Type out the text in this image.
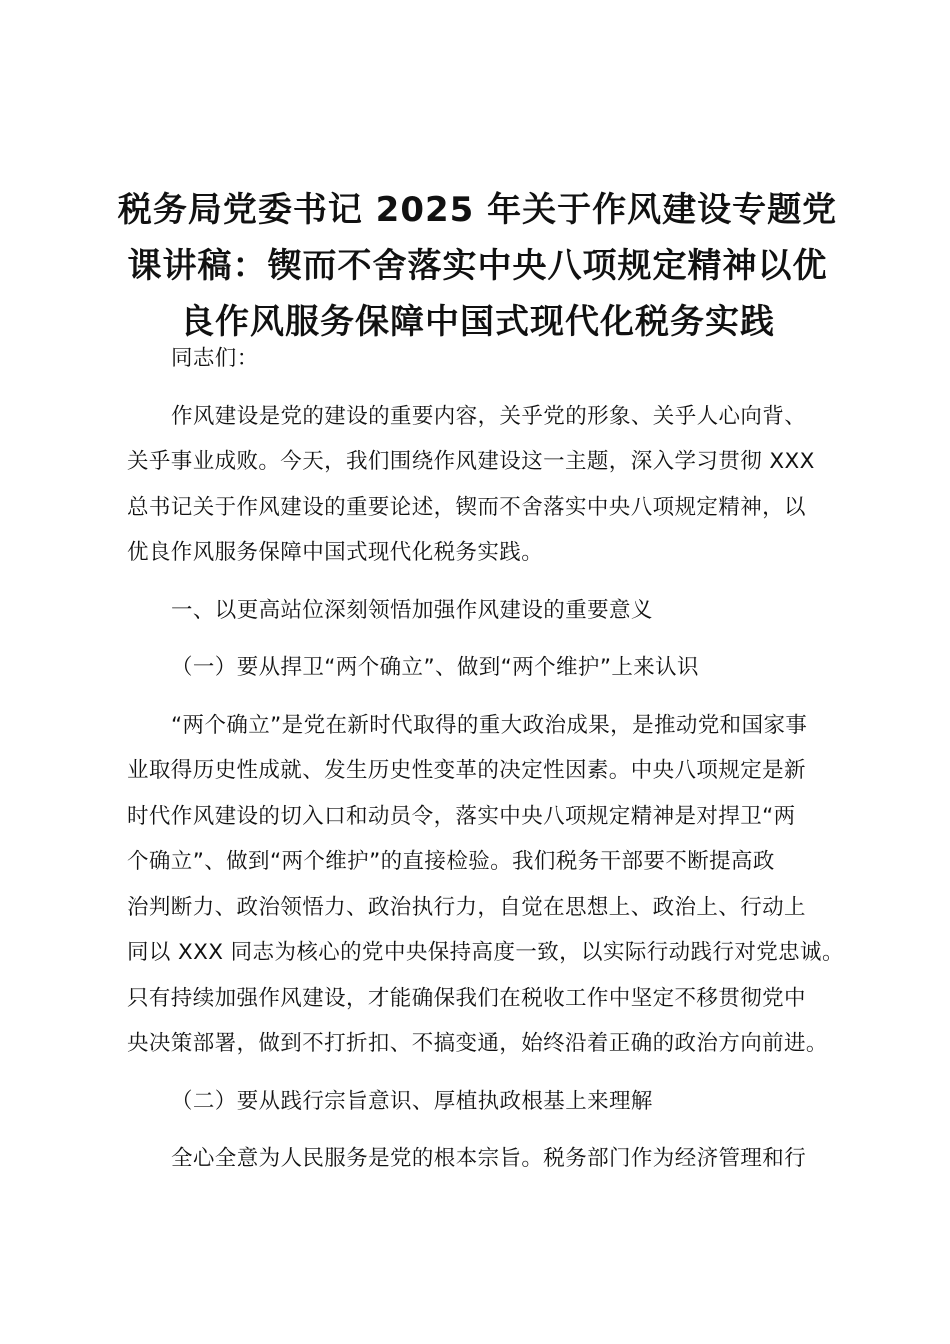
税务局党委书记 2025 年关于作风建设专题党
课讲稿：锲而不舍落实中央八项规定精神以优
良作风服务保障中国式现代化税务实践
同志们：
作风建设是党的建设的重要内容，关乎党的形象、关乎人心向背、
关乎事业成败。今天，我们围绕作风建设这一主题，深入学习贯彻 XXX
总书记关于作风建设的重要论述，锲而不舍落实中央八项规定精神，以
优良作风服务保障中国式现代化税务实践。
一、以更高站位深刻领悟加强作风建设的重要意义
（一）要从捍卫“两个确立”、做到“两个维护”上来认识
“两个确立”是党在新时代取得的重大政治成果，是推动党和国家事
业取得历史性成就、发生历史性变革的决定性因素。中央八项规定是新
时代作风建设的切入口和动员令，落实中央八项规定精神是对捍卫“两
个确立”、做到“两个维护”的直接检验。我们税务干部要不断提高政
治判断力、政治领悟力、政治执行力，自觉在思想上、政治上、行动上
同以 XXX 同志为核心的党中央保持高度一致，以实际行动践行对党忠诚。
只有持续加强作风建设，才能确保我们在税收工作中坚定不移贯彻党中
央决策部署，做到不打折扣、不搞变通，始终沿着正确的政治方向前进。
（二）要从践行宗旨意识、厚植执政根基上来理解
全心全意为人民服务是党的根本宗旨。税务部门作为经济管理和行
